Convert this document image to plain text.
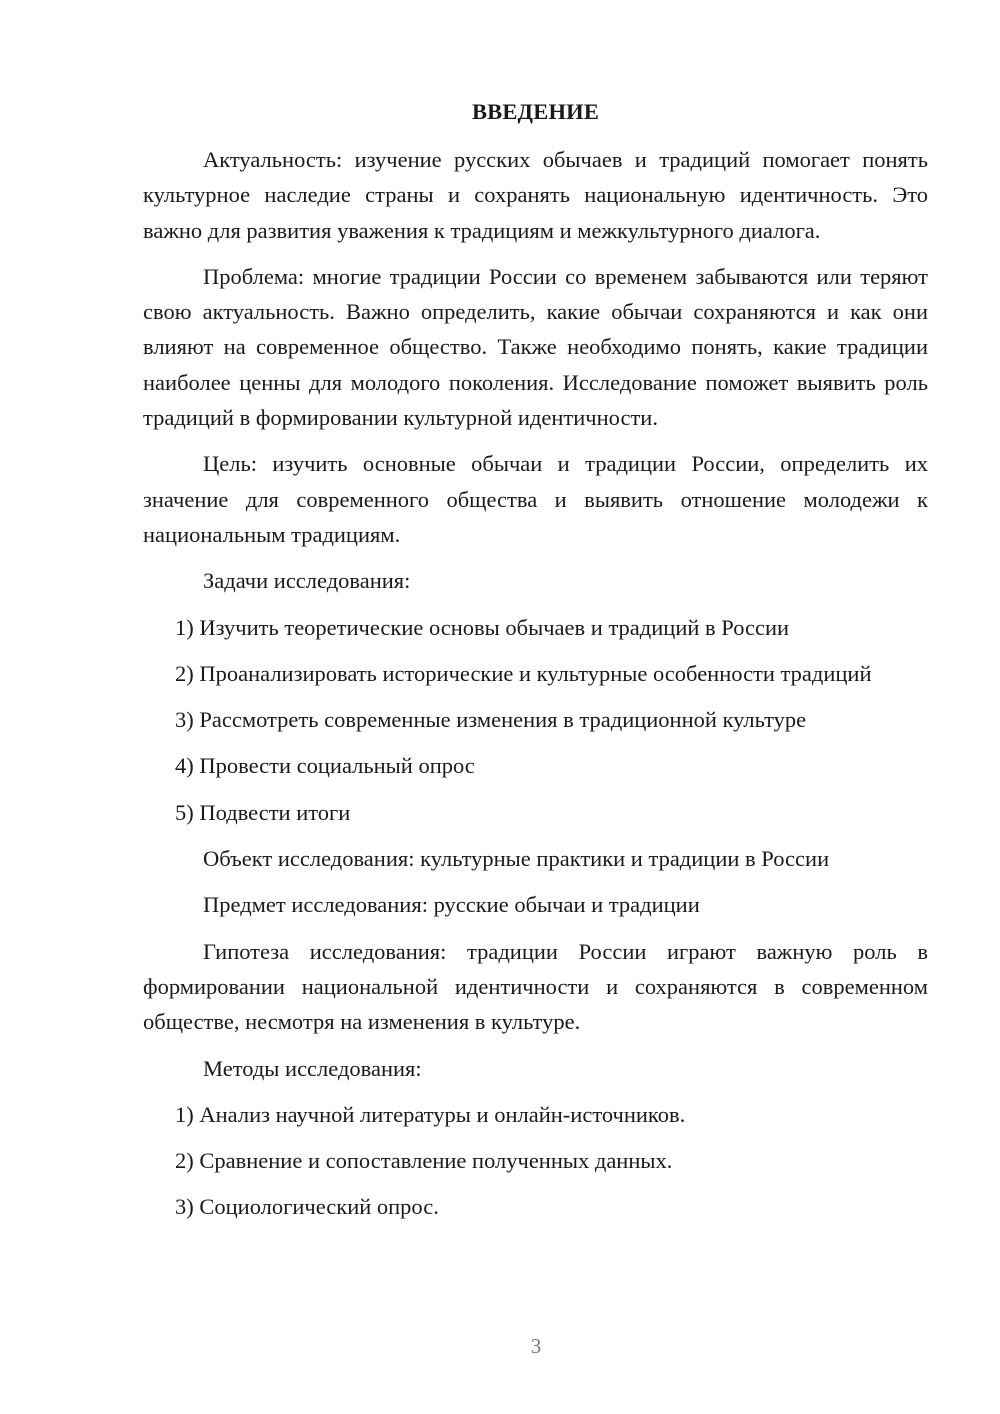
ВВЕДЕНИЕ

Актуальность: изучение русских обычаев и традиций помогает понять культурное наследие страны и сохранять национальную идентичность. Это важно для развития уважения к традициям и межкультурного диалога.

Проблема: многие традиции России со временем забываются или теряют свою актуальность. Важно определить, какие обычаи сохраняются и как они влияют на современное общество. Также необходимо понять, какие традиции наиболее ценны для молодого поколения. Исследование поможет выявить роль традиций в формировании культурной идентичности.

Цель: изучить основные обычаи и традиции России, определить их значение для современного общества и выявить отношение молодежи к национальным традициям.

Задачи исследования:

1) Изучить теоретические основы обычаев и традиций в России

2) Проанализировать исторические и культурные особенности традиций

3) Рассмотреть современные изменения в традиционной культуре

4) Провести социальный опрос

5) Подвести итоги

Объект исследования: культурные практики и традиции в России

Предмет исследования: русские обычаи и традиции

Гипотеза исследования: традиции России играют важную роль в формировании национальной идентичности и сохраняются в современном обществе, несмотря на изменения в культуре.

Методы исследования:

1) Анализ научной литературы и онлайн-источников.

2) Сравнение и сопоставление полученных данных.

3) Социологический опрос.

3
